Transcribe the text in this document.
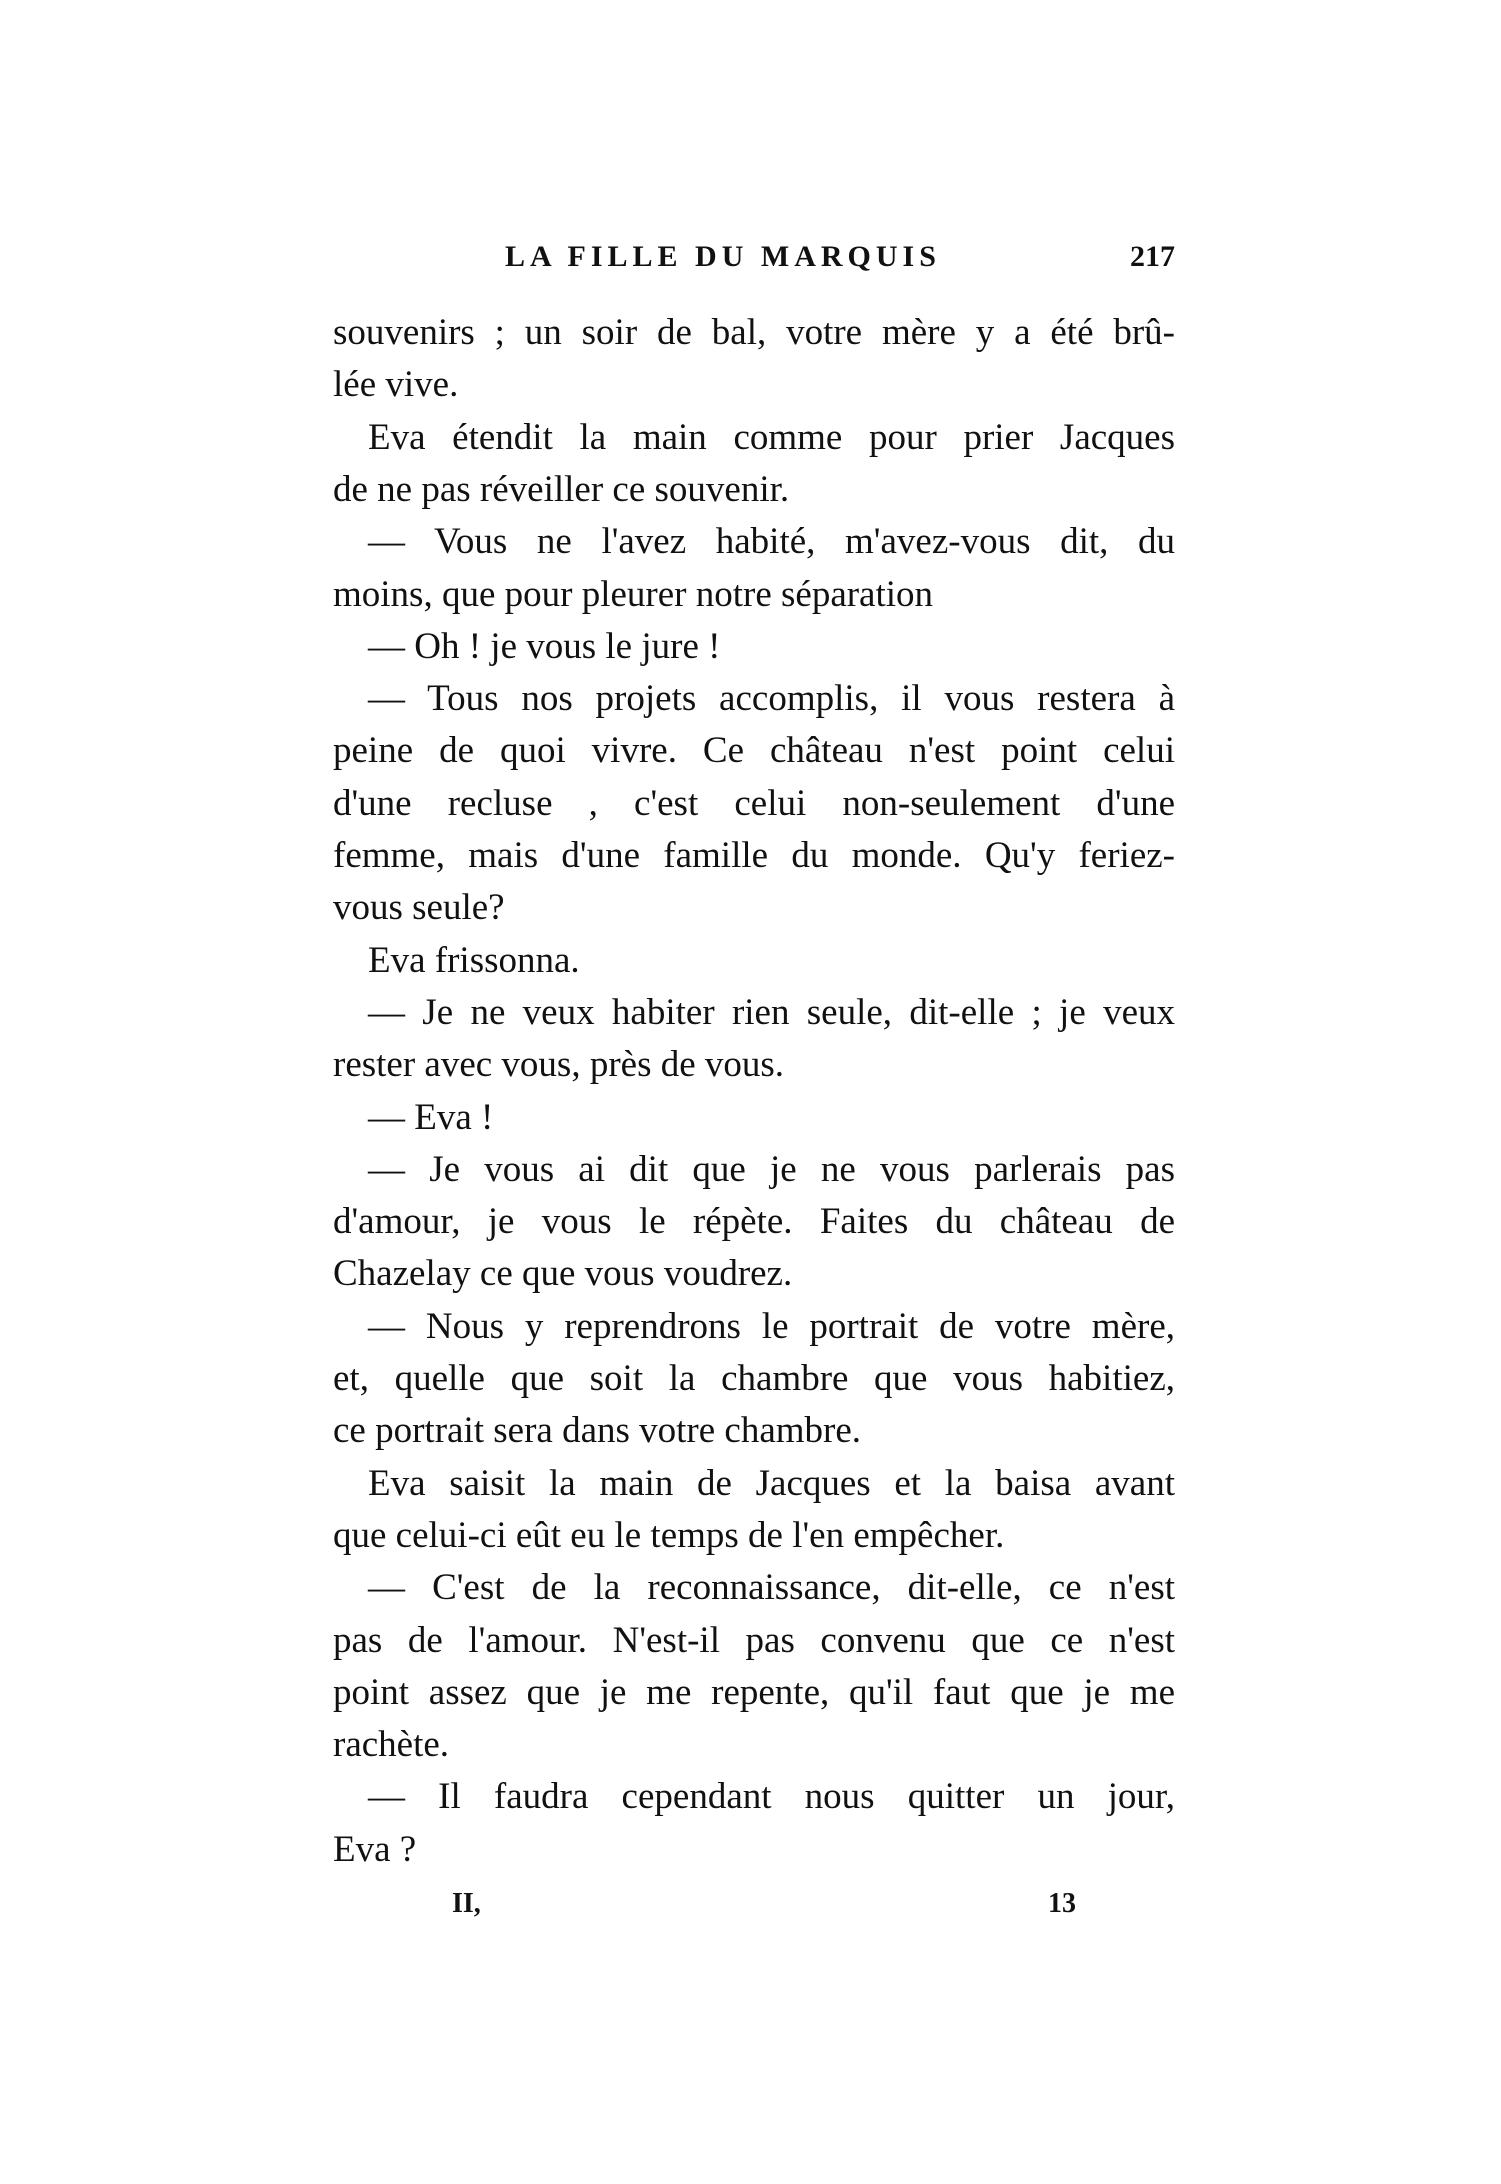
LA FILLE DU MARQUIS	217
souvenirs ; un soir de bal, votre mère y a été brû-
lée vive.
Eva étendit la main comme pour prier Jacques
de ne pas réveiller ce souvenir.
— Vous ne l'avez habité, m'avez-vous dit, du
moins, que pour pleurer notre séparation
— Oh ! je vous le jure !
— Tous nos projets accomplis, il vous restera à
peine de quoi vivre. Ce château n'est point celui
d'une recluse , c'est celui non-seulement d'une
femme, mais d'une famille du monde. Qu'y feriez-
vous seule?
Eva frissonna.
— Je ne veux habiter rien seule, dit-elle ; je veux
rester avec vous, près de vous.
— Eva !
— Je vous ai dit que je ne vous parlerais pas
d'amour, je vous le répète. Faites du château de
Chazelay ce que vous voudrez.
— Nous y reprendrons le portrait de votre mère,
et, quelle que soit la chambre que vous habitiez,
ce portrait sera dans votre chambre.
Eva saisit la main de Jacques et la baisa avant
que celui-ci eût eu le temps de l'en empêcher.
— C'est de la reconnaissance, dit-elle, ce n'est
pas de l'amour. N'est-il pas convenu que ce n'est
point assez que je me repente, qu'il faut que je me
rachète.
— Il faudra cependant nous quitter un jour,
Eva ?
II,	13
